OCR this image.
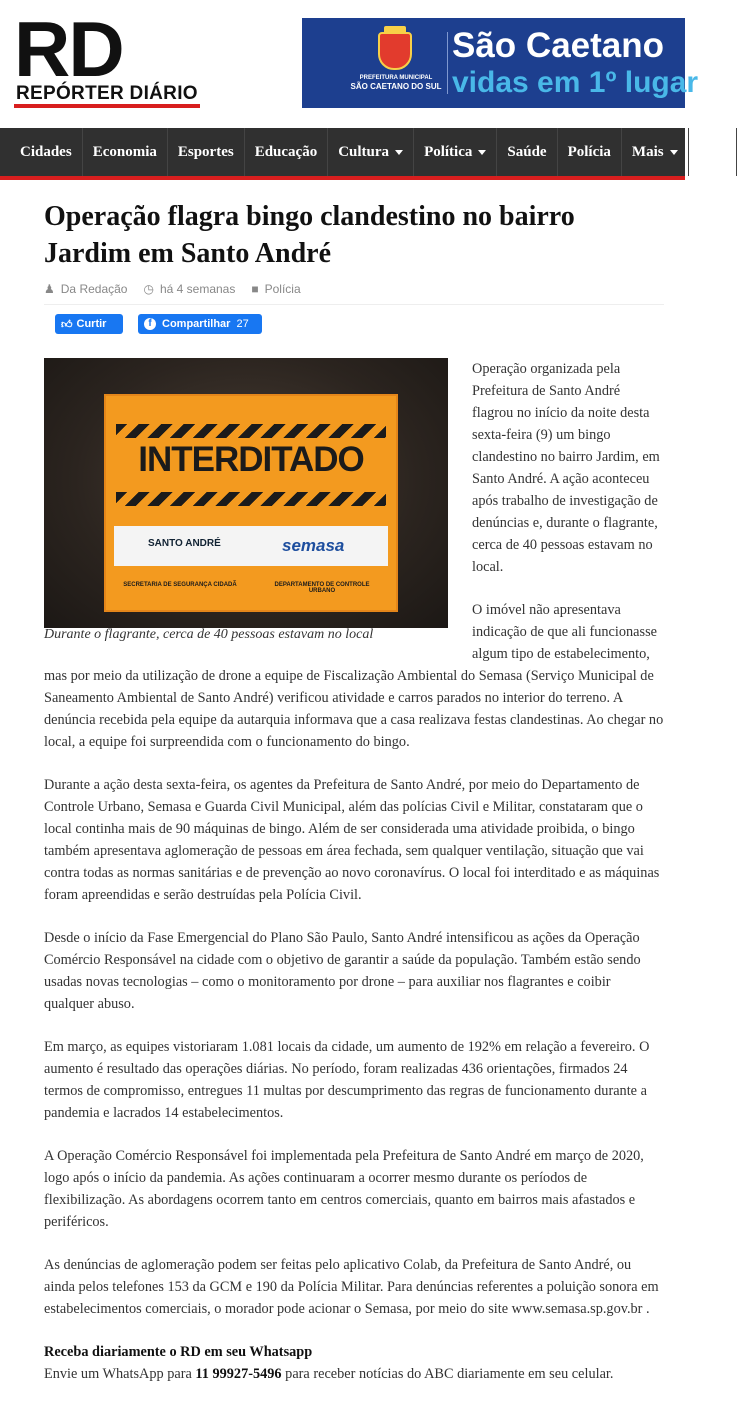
RD
REPÓRTER DIÁRIO
PREFEITURA MUNICIPAL
SÃO CAETANO DO SUL
São Caetano
vidas em 1º lugar
Cidades Economia Esportes Educação Cultura Política Saúde Polícia Mais Edit
Operação flagra bingo clandestino no bairro Jardim em Santo André
♟ Da Redação ◷ há 4 semanas ■ Polícia
👍︎ Curtir	f Compartilhar 27
INTERDITADO
SANTO ANDRÉ	semasa
SECRETARIA DE SEGURANÇA CIDADÃ	DEPARTAMENTO DE CONTROLE URBANO
Durante o flagrante, cerca de 40 pessoas estavam no local

Operação organizada pela Prefeitura de Santo André flagrou no início da noite desta sexta-feira (9) um bingo clandestino no bairro Jardim, em Santo André. A ação aconteceu após trabalho de investigação de denúncias e, durante o flagrante, cerca de 40 pessoas estavam no local.

O imóvel não apresentava indicação de que ali funcionasse algum tipo de estabelecimento, mas por meio da utilização de drone a equipe de Fiscalização Ambiental do Semasa (Serviço Municipal de Saneamento Ambiental de Santo André) verificou atividade e carros parados no interior do terreno. A denúncia recebida pela equipe da autarquia informava que a casa realizava festas clandestinas. Ao chegar no local, a equipe foi surpreendida com o funcionamento do bingo.

Durante a ação desta sexta-feira, os agentes da Prefeitura de Santo André, por meio do Departamento de Controle Urbano, Semasa e Guarda Civil Municipal, além das polícias Civil e Militar, constataram que o local continha mais de 90 máquinas de bingo. Além de ser considerada uma atividade proibida, o bingo também apresentava aglomeração de pessoas em área fechada, sem qualquer ventilação, situação que vai contra todas as normas sanitárias e de prevenção ao novo coronavírus. O local foi interditado e as máquinas foram apreendidas e serão destruídas pela Polícia Civil.

Desde o início da Fase Emergencial do Plano São Paulo, Santo André intensificou as ações da Operação Comércio Responsável na cidade com o objetivo de garantir a saúde da população. Também estão sendo usadas novas tecnologias – como o monitoramento por drone – para auxiliar nos flagrantes e coibir qualquer abuso.

Em março, as equipes vistoriaram 1.081 locais da cidade, um aumento de 192% em relação a fevereiro. O aumento é resultado das operações diárias. No período, foram realizadas 436 orientações, firmados 24 termos de compromisso, entregues 11 multas por descumprimento das regras de funcionamento durante a pandemia e lacrados 14 estabelecimentos.

A Operação Comércio Responsável foi implementada pela Prefeitura de Santo André em março de 2020, logo após o início da pandemia. As ações continuaram a ocorrer mesmo durante os períodos de flexibilização. As abordagens ocorrem tanto em centros comerciais, quanto em bairros mais afastados e periféricos.

As denúncias de aglomeração podem ser feitas pelo aplicativo Colab, da Prefeitura de Santo André, ou ainda pelos telefones 153 da GCM e 190 da Polícia Militar. Para denúncias referentes a poluição sonora em estabelecimentos comerciais, o morador pode acionar o Semasa, por meio do site www.semasa.sp.gov.br .

Receba diariamente o RD em seu Whatsapp
Envie um WhatsApp para 11 99927-5496 para receber notícias do ABC diariamente em seu celular.
